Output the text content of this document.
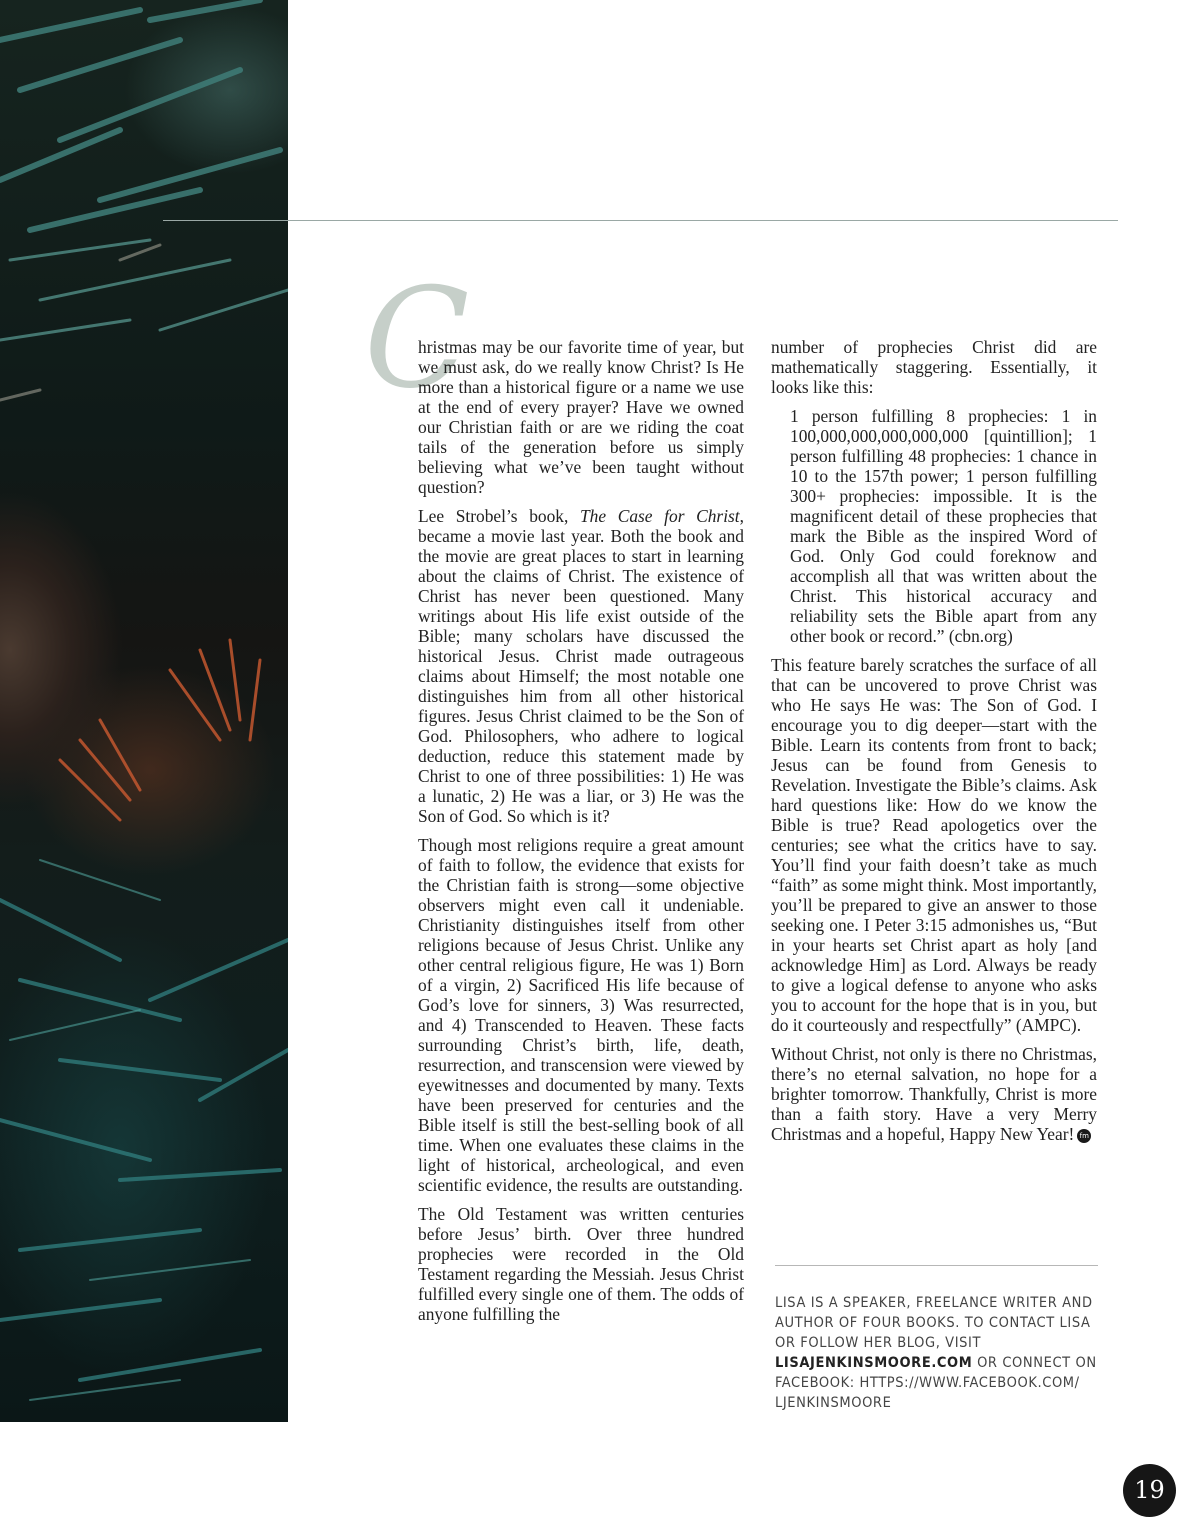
C

hristmas may be our favorite time of year, but we must ask, do we really know Christ? Is He more than a historical figure or a name we use at the end of every prayer? Have we owned our Christian faith or are we riding the coat tails of the generation before us simply believing what we’ve been taught without question?

Lee Strobel’s book, The Case for Christ, became a movie last year. Both the book and the movie are great places to start in learning about the claims of Christ. The existence of Christ has never been questioned. Many writings about His life exist outside of the Bible; many scholars have discussed the historical Jesus. Christ made outrageous claims about Himself; the most notable one distinguishes him from all other historical figures. Jesus Christ claimed to be the Son of God. Philosophers, who adhere to logical deduction, reduce this statement made by Christ to one of three possibilities: 1) He was a lunatic, 2) He was a liar, or 3) He was the Son of God. So which is it?

Though most religions require a great amount of faith to follow, the evidence that exists for the Christian faith is strong—some objective observers might even call it undeniable. Christianity distinguishes itself from other religions because of Jesus Christ. Unlike any other central religious figure, He was 1) Born of a virgin, 2) Sacrificed His life because of God’s love for sinners, 3) Was resurrected, and 4) Transcended to Heaven. These facts surrounding Christ’s birth, life, death, resurrection, and transcension were viewed by eyewitnesses and documented by many. Texts have been preserved for centuries and the Bible itself is still the best-selling book of all time. When one evaluates these claims in the light of historical, archeological, and even scientific evidence, the results are outstanding.

The Old Testament was written centuries before Jesus’ birth. Over three hundred prophecies were recorded in the Old Testament regarding the Messiah. Jesus Christ fulfilled every single one of them. The odds of anyone fulfilling the

number of prophecies Christ did are mathematically staggering. Essentially, it looks like this:

1 person fulfilling 8 prophecies: 1 in 100,000,000,000,000,000 [quintillion]; 1 person fulfilling 48 prophecies: 1 chance in 10 to the 157th power; 1 person fulfilling 300+ prophecies: impossible. It is the magnificent detail of these prophecies that mark the Bible as the inspired Word of God. Only God could foreknow and accomplish all that was written about the Christ. This historical accuracy and reliability sets the Bible apart from any other book or record.” (cbn.org)

This feature barely scratches the surface of all that can be uncovered to prove Christ was who He says He was: The Son of God. I encourage you to dig deeper—start with the Bible. Learn its contents from front to back; Jesus can be found from Genesis to Revelation. Investigate the Bible’s claims. Ask hard questions like: How do we know the Bible is true? Read apologetics over the centuries; see what the critics have to say. You’ll find your faith doesn’t take as much “faith” as some might think. Most importantly, you’ll be prepared to give an answer to those seeking one. I Peter 3:15 admonishes us, “But in your hearts set Christ apart as holy [and acknowledge Him] as Lord. Always be ready to give a logical defense to anyone who asks you to account for the hope that is in you, but do it courteously and respectfully” (AMPC).

Without Christ, not only is there no Christmas, there’s no eternal salvation, no hope for a brighter tomorrow. Thankfully, Christ is more than a faith story. Have a very Merry Christmas and a hopeful, Happy New Year! fm

LISA IS A SPEAKER, FREELANCE WRITER AND AUTHOR OF FOUR BOOKS. TO CONTACT LISA OR FOLLOW HER BLOG, VISIT LISAJENKINSMOORE.COM OR CONNECT ON FACEBOOK: HTTPS://WWW.FACEBOOK.COM/ LJENKINSMOORE
19
